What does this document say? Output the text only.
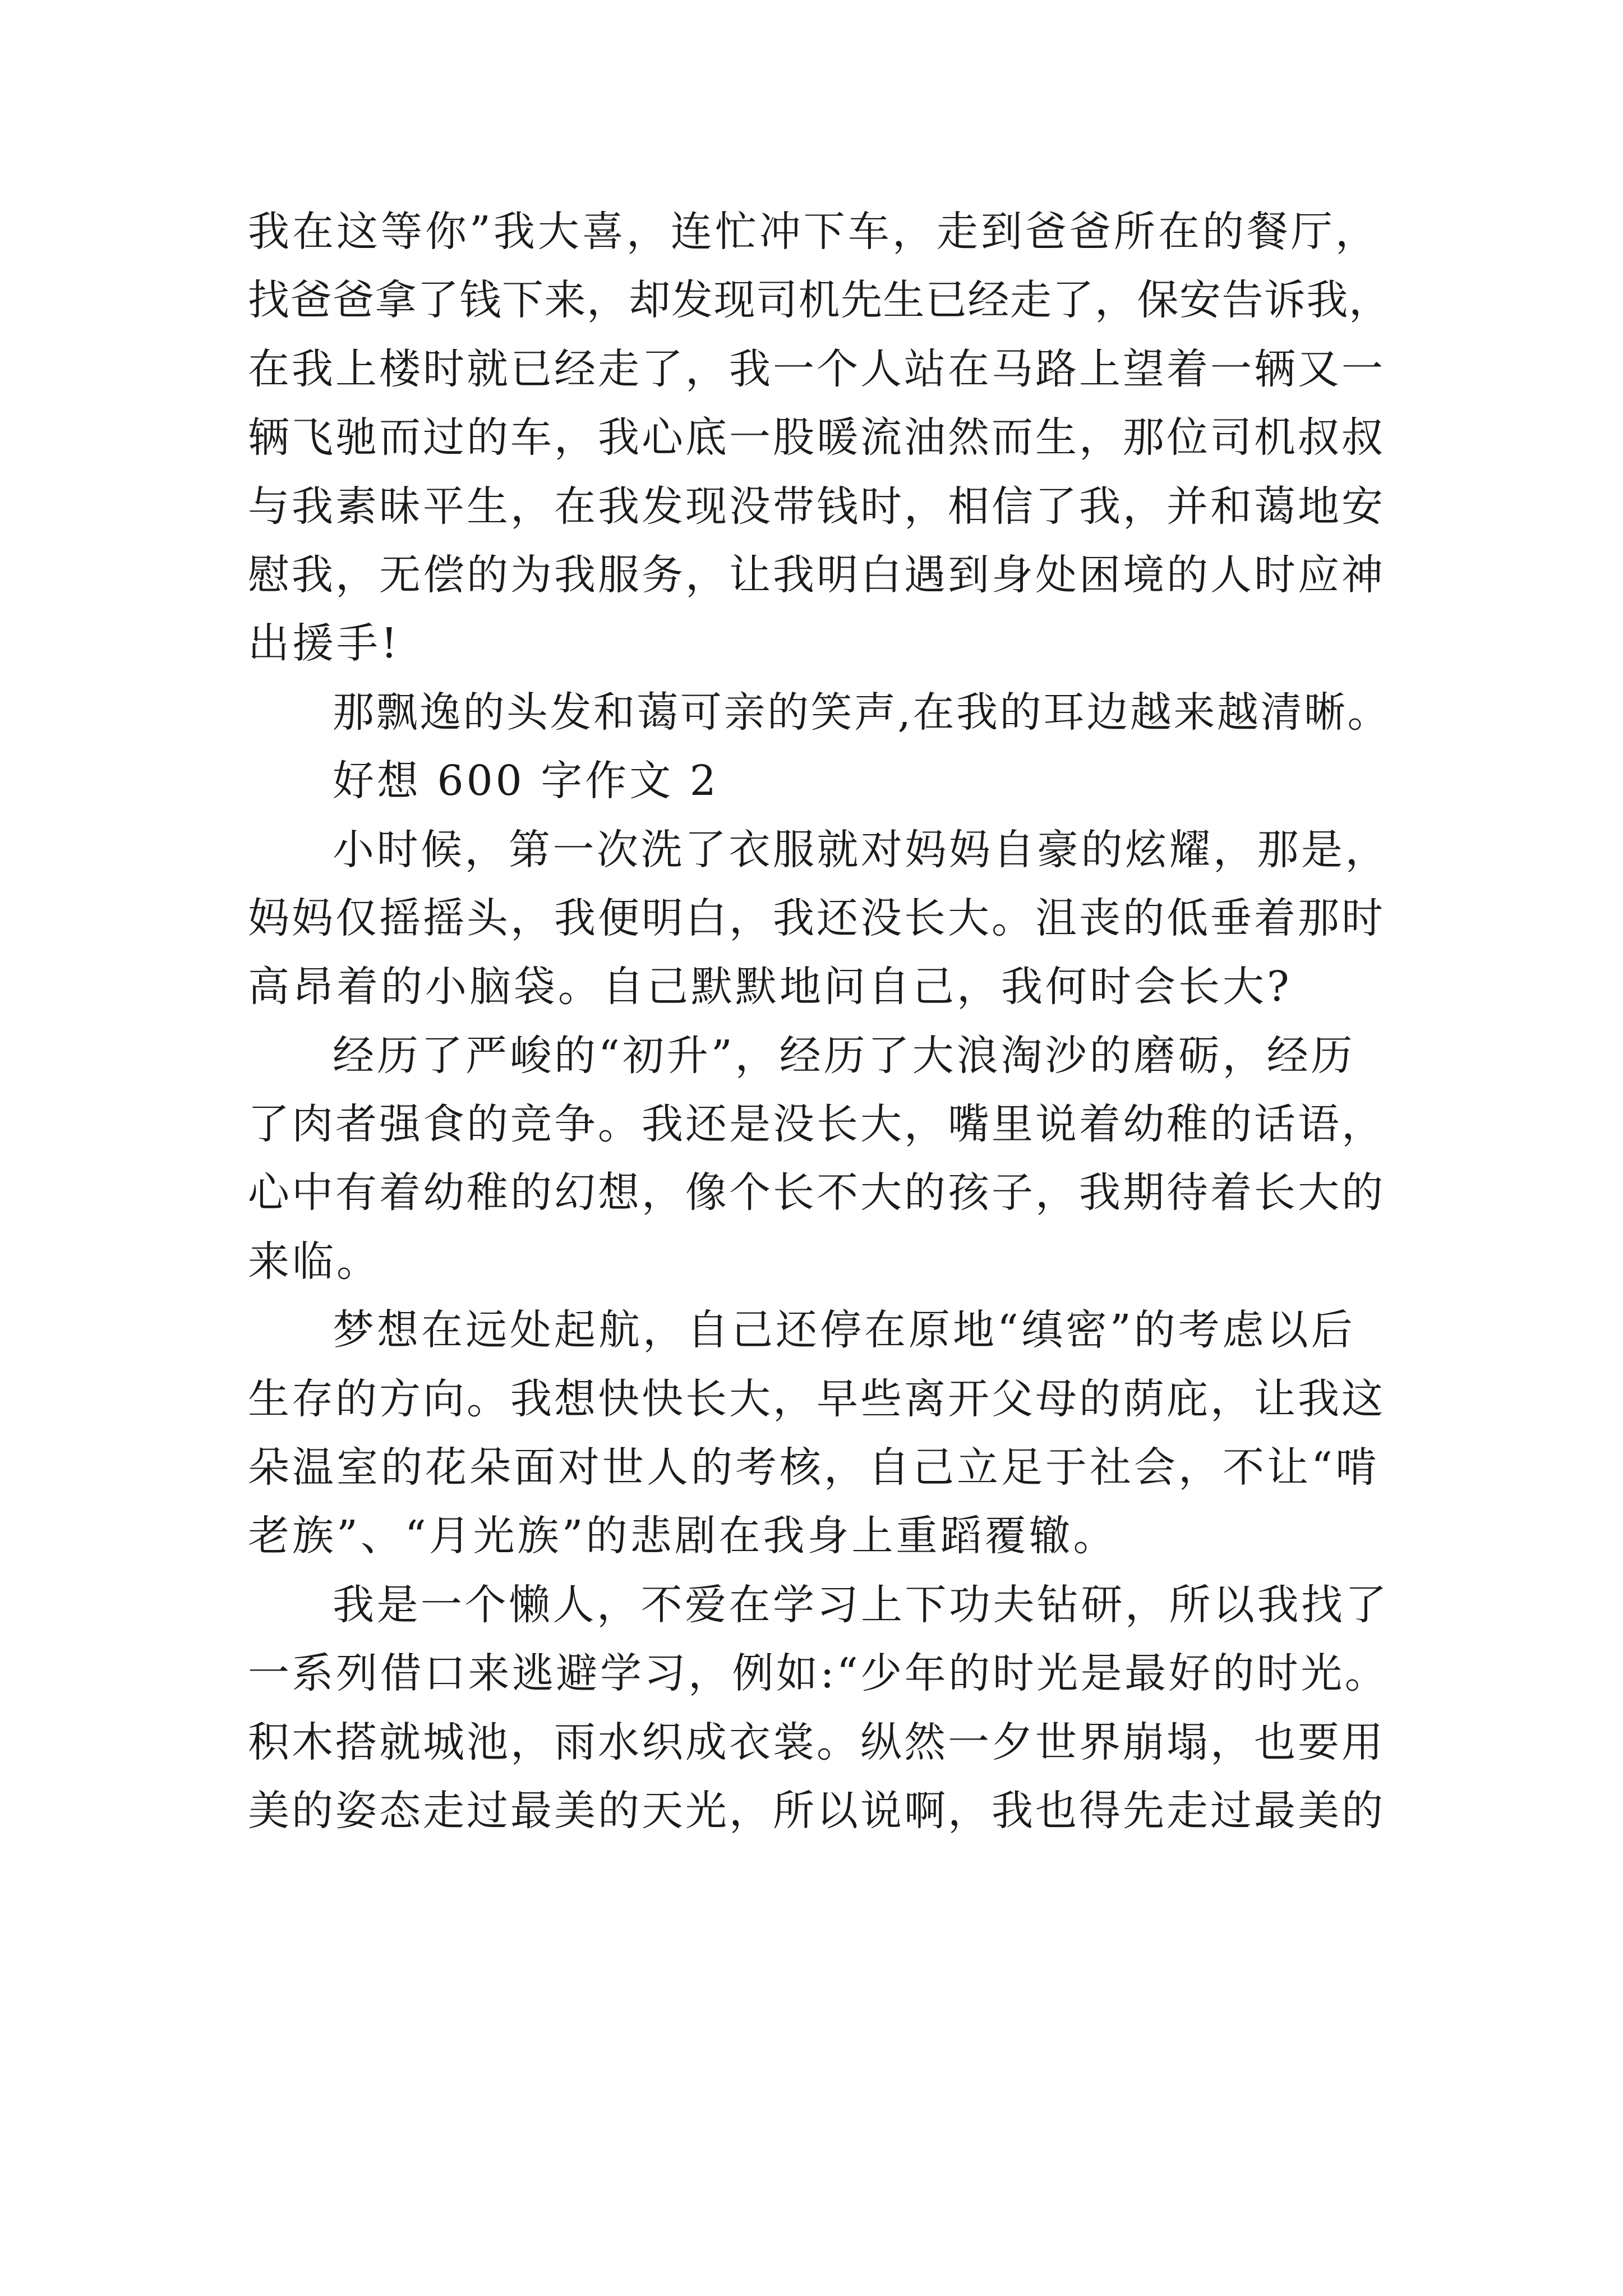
我在这等你”我大喜，连忙冲下车，走到爸爸所在的餐厅，
找爸爸拿了钱下来，却发现司机先生已经走了，保安告诉我，
在我上楼时就已经走了，我一个人站在马路上望着一辆又一
辆飞驰而过的车，我心底一股暖流油然而生，那位司机叔叔
与我素昧平生，在我发现没带钱时，相信了我，并和蔼地安
慰我，无偿的为我服务，让我明白遇到身处困境的人时应神
出援手!
那飘逸的头发和蔼可亲的笑声,在我的耳边越来越清晰。
好想 600 字作文 2
小时候，第一次洗了衣服就对妈妈自豪的炫耀，那是，
妈妈仅摇摇头，我便明白，我还没长大。沮丧的低垂着那时
高昂着的小脑袋。自己默默地问自己，我何时会长大?
经历了严峻的“初升”，经历了大浪淘沙的磨砺，经历
了肉者强食的竞争。我还是没长大，嘴里说着幼稚的话语，
心中有着幼稚的幻想，像个长不大的孩子，我期待着长大的
来临。
梦想在远处起航，自己还停在原地“缜密”的考虑以后
生存的方向。我想快快长大，早些离开父母的荫庇，让我这
朵温室的花朵面对世人的考核，自己立足于社会，不让“啃
老族”、“月光族”的悲剧在我身上重蹈覆辙。
我是一个懒人，不爱在学习上下功夫钻研，所以我找了
一系列借口来逃避学习，例如:“少年的时光是最好的时光。
积木搭就城池，雨水织成衣裳。纵然一夕世界崩塌，也要用
美的姿态走过最美的天光，所以说啊，我也得先走过最美的
